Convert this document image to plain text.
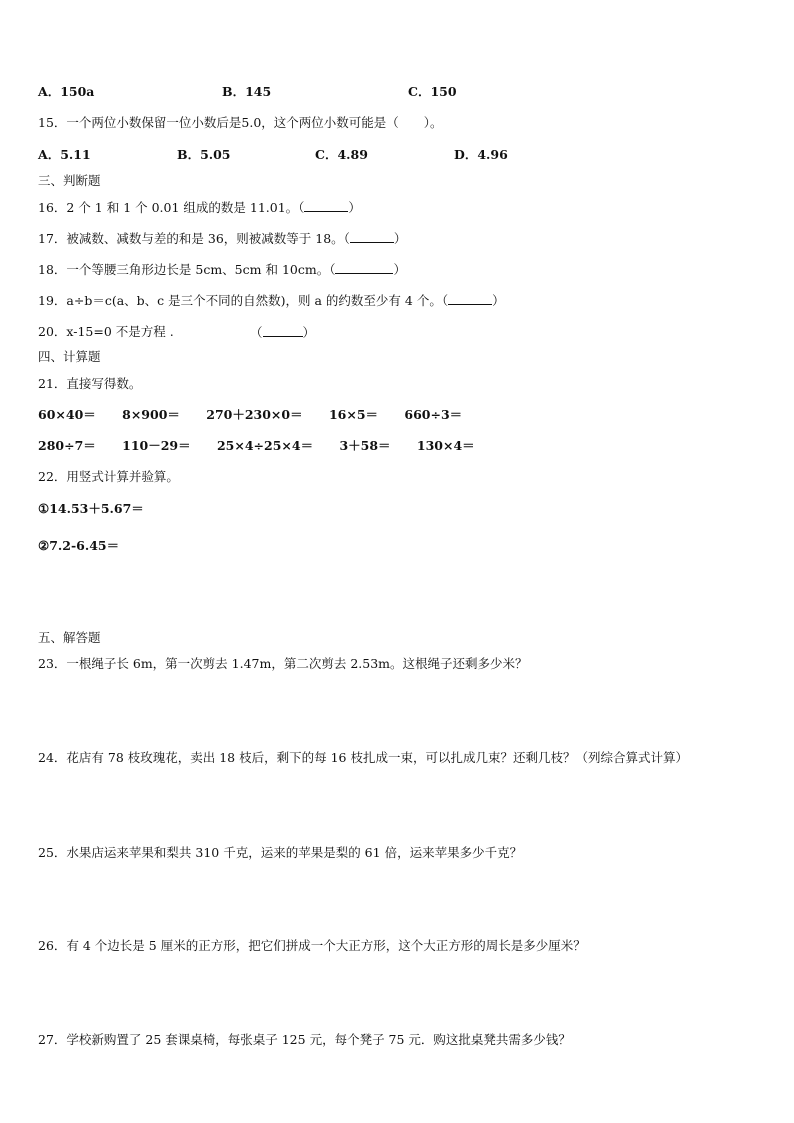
A．150a	B．145	C．150
15．一个两位小数保留一位小数后是5.0，这个两位小数可能是（　　）。
A．5.11	B．5.05	C．4.89	D．4.96
三、判断题
16．2 个 1 和 1 个 0.01 组成的数是 11.01。（	）
17．被减数、减数与差的和是 36，则被减数等于 18。（	）
18．一个等腰三角形边长是 5cm、5cm 和 10cm。（	）
19．a÷b＝c(a、b、c 是三个不同的自然数)，则 a 的约数至少有 4 个。（	）
20．x-15=0 不是方程 .	（	）
四、计算题
21．直接写得数。
60×40＝ 8×900＝ 270＋230×0＝ 16×5＝ 660÷3＝
280÷7＝ 110－29＝ 25×4÷25×4＝ 3＋58＝ 130×4＝
22．用竖式计算并验算。
①14.53＋5.67＝
②7.2-6.45＝
五、解答题
23．一根绳子长 6m，第一次剪去 1.47m，第二次剪去 2.53m。这根绳子还剩多少米？
24．花店有 78 枝玫瑰花，卖出 18 枝后，剩下的每 16 枝扎成一束，可以扎成几束？还剩几枝？（列综合算式计算）
25．水果店运来苹果和梨共 310 千克，运来的苹果是梨的 61 倍，运来苹果多少千克？
26．有 4 个边长是 5 厘米的正方形，把它们拼成一个大正方形，这个大正方形的周长是多少厘米？
27．学校新购置了 25 套课桌椅，每张桌子 125 元，每个凳子 75 元．购这批桌凳共需多少钱？
